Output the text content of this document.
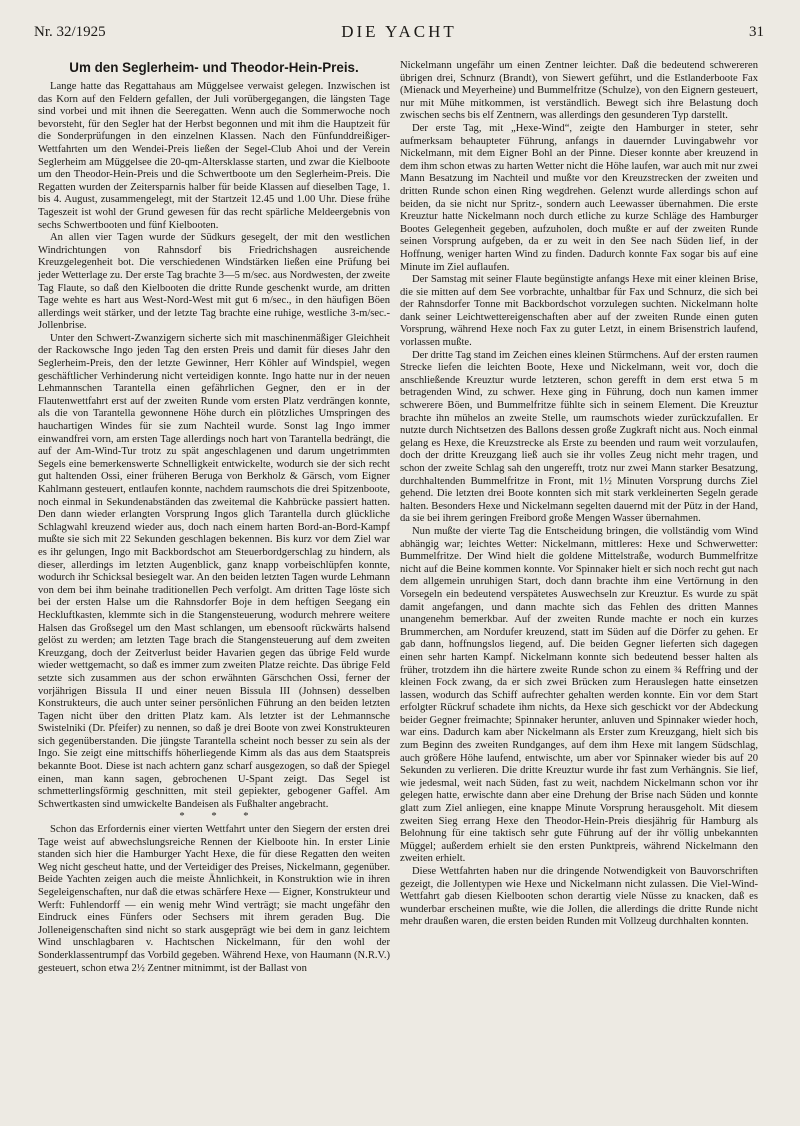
Nr. 32/1925	DIE YACHT	31
Um den Seglerheim- und Theodor-Hein-Preis.

Lange hatte das Regattahaus am Müggelsee verwaist gelegen. Inzwischen ist das Korn auf den Feldern gefallen, der Juli vorübergegangen, die längsten Tage sind vorbei und mit ihnen die Seeregatten. Wenn auch die Sommerwoche noch bevorsteht, für den Segler hat der Herbst begonnen und mit ihm die Hauptzeit für die Sonderprüfungen in den einzelnen Klassen. Nach den Fünfunddreißiger-Wettfahrten um den Wendei-Preis ließen der Segel-Club Ahoi und der Verein Seglerheim am Müggelsee die 20-qm-Altersklasse starten, und zwar die Kielboote um den Theodor-Hein-Preis und die Schwertboote um den Seglerheim-Preis. Die Regatten wurden der Zeitersparnis halber für beide Klassen auf dieselben Tage, 1. bis 4. August, zusammengelegt, mit der Startzeit 12.45 und 1.00 Uhr. Diese frühe Tageszeit ist wohl der Grund gewesen für das recht spärliche Meldeergebnis von sechs Schwertbooten und fünf Kielbooten.

An allen vier Tagen wurde der Südkurs gesegelt, der mit den westlichen Windrichtungen von Rahnsdorf bis Friedrichshagen ausreichende Kreuzgelegenheit bot. Die verschiedenen Windstärken ließen eine Prüfung bei jeder Wetterlage zu. Der erste Tag brachte 3—5 m/sec. aus Nordwesten, der zweite Tag Flaute, so daß den Kielbooten die dritte Runde geschenkt wurde, am dritten Tage wehte es hart aus West-Nord-West mit gut 6 m/sec., in den häufigen Böen allerdings weit stärker, und der letzte Tag brachte eine ruhige, westliche 3-m/sec.-Jollenbrise.

Unter den Schwert-Zwanzigern sicherte sich mit maschinenmäßiger Gleichheit der Rackowsche Ingo jeden Tag den ersten Preis und damit für dieses Jahr den Seglerheim-Preis, den der letzte Gewinner, Herr Köhler auf Windspiel, wegen geschäftlicher Verhinderung nicht verteidigen konnte. Ingo hatte nur in der neuen Lehmannschen Tarantella einen gefährlichen Gegner, den er in der Flautenwettfahrt erst auf der zweiten Runde vom ersten Platz verdrängen konnte, als die von Tarantella gewonnene Höhe durch ein plötzliches Umspringen des hauchartigen Windes für sie zum Nachteil wurde. Sonst lag Ingo immer einwandfrei vorn, am ersten Tage allerdings noch hart von Tarantella bedrängt, die auf der Am-Wind-Tur trotz zu spät angeschlagenen und darum ungetrimmten Segels eine bemerkenswerte Schnelligkeit entwickelte, wodurch sie der sich recht gut haltenden Ossi, einer früheren Beruga von Berkholz & Gärsch, vom Eigner Kahlmann gesteuert, entlaufen konnte, nachdem raumschots die drei Spitzenboote, noch einmal in Sekundenabständen das zweitemal die Kahbrücke passiert hatten. Den dann wieder erlangten Vorsprung Ingos glich Tarantella durch glückliche Schlagwahl kreuzend wieder aus, doch nach einem harten Bord-an-Bord-Kampf mußte sie sich mit 22 Sekunden geschlagen bekennen. Bis kurz vor dem Ziel war es ihr gelungen, Ingo mit Backbordschot am Steuerbordgerschlag zu hindern, als dieser, allerdings im letzten Augenblick, ganz knapp vorbeischlüpfen konnte, wodurch ihr Schicksal besiegelt war. An den beiden letzten Tagen wurde Lehmann von dem bei ihm beinahe traditionellen Pech verfolgt. Am dritten Tage löste sich bei der ersten Halse um die Rahnsdorfer Boje in dem heftigen Seegang ein Heckluftkasten, klemmte sich in die Stangensteuerung, wodurch mehrere weitere Halsen das Großsegel um den Mast schlangen, um ebensooft rückwärts halsend gelöst zu werden; am letzten Tage brach die Stangensteuerung auf dem zweiten Kreuzgang, doch der Zeitverlust beider Havarien gegen das übrige Feld wurde wieder wettgemacht, so daß es immer zum zweiten Platze reichte. Das übrige Feld setzte sich zusammen aus der schon erwähnten Gärschchen Ossi, ferner der vorjährigen Bissula II und einer neuen Bissula III (Johnsen) desselben Konstrukteurs, die auch unter seiner persönlichen Führung an den beiden letzten Tagen nicht über den dritten Platz kam. Als letzter ist der Lehmannsche Swistelniki (Dr. Pfeifer) zu nennen, so daß je drei Boote von zwei Konstrukteuren sich gegenüberstanden. Die jüngste Tarantella scheint noch besser zu sein als der Ingo. Sie zeigt eine mittschiffs höherliegende Kimm als das aus dem Staatspreis bekannte Boot. Diese ist nach achtern ganz scharf ausgezogen, so daß der Spiegel einen, man kann sagen, gebrochenen U-Spant zeigt. Das Segel ist schmetterlingsförmig geschnitten, mit steil gepiekter, gebogener Gaffel. Am Schwertkasten sind umwickelte Bandeisen als Fußhalter angebracht.

* * *

Schon das Erfordernis einer vierten Wettfahrt unter den Siegern der ersten drei Tage weist auf abwechslungsreiche Rennen der Kielboote hin. In erster Linie standen sich hier die Hamburger Yacht Hexe, die für diese Regatten den weiten Weg nicht gescheut hatte, und der Verteidiger des Preises, Nickelmann, gegenüber. Beide Yachten zeigen auch die meiste Ähnlichkeit, in Konstruktion wie in ihren Segeleigenschaften, nur daß die etwas schärfere Hexe — Eigner, Konstrukteur und Werft: Fuhlendorff — ein wenig mehr Wind verträgt; sie macht ungefähr den Eindruck eines Fünfers oder Sechsers mit ihrem geraden Bug. Die Jolleneigenschaften sind nicht so stark ausgeprägt wie bei dem in ganz leichtem Wind unschlagbaren v. Hachtschen Nickelmann, für den wohl der Sonderklassentrumpf das Vorbild gegeben. Während Hexe, von Haumann (N.R.V.) gesteuert, schon etwa 2½ Zentner mitnimmt, ist der Ballast von

Nickelmann ungefähr um einen Zentner leichter. Daß die bedeutend schwereren übrigen drei, Schnurz (Brandt), von Siewert geführt, und die Estlanderboote Fax (Mienack und Meyerheine) und Bummelfritze (Schulze), von den Eignern gesteuert, nur mit Mühe mitkommen, ist verständlich. Bewegt sich ihre Belastung doch zwischen sechs bis elf Zentnern, was allerdings den gesunderen Typ darstellt.

Der erste Tag, mit „Hexe-Wind“, zeigte den Hamburger in steter, sehr aufmerksam behaupteter Führung, anfangs in dauernder Luvingabwehr vor Nickelmann, mit dem Eigner Bohl an der Pinne. Dieser konnte aber kreuzend in dem ihm schon etwas zu harten Wetter nicht die Höhe laufen, war auch mit nur zwei Mann Besatzung im Nachteil und mußte vor den Kreuzstrecken der zweiten und dritten Runde schon einen Ring wegdrehen. Gelenzt wurde allerdings schon auf beiden, da sie nicht nur Spritz-, sondern auch Leewasser übernahmen. Die erste Kreuztur hatte Nickelmann noch durch etliche zu kurze Schläge des Hamburger Bootes Gelegenheit gegeben, aufzuholen, doch mußte er auf der zweiten Runde seinen Vorsprung aufgeben, da er zu weit in den See nach Süden lief, in der Hoffnung, weniger harten Wind zu finden. Dadurch konnte Fax sogar bis auf eine Minute im Ziel auflaufen.

Der Samstag mit seiner Flaute begünstigte anfangs Hexe mit einer kleinen Brise, die sie mitten auf dem See vorbrachte, unhaltbar für Fax und Schnurz, die sich bei der Rahnsdorfer Tonne mit Backbordschot vorzulegen suchten. Nickelmann holte dank seiner Leichtwettereigenschaften aber auf der zweiten Runde einen guten Vorsprung, während Hexe noch Fax zu guter Letzt, in einem Brisenstrich laufend, vorlassen mußte.

Der dritte Tag stand im Zeichen eines kleinen Stürmchens. Auf der ersten raumen Strecke liefen die leichten Boote, Hexe und Nickelmann, weit vor, doch die anschließende Kreuztur wurde letzteren, schon gerefft in dem erst etwa 5 m betragenden Wind, zu schwer. Hexe ging in Führung, doch nun kamen immer schwerere Böen, und Bummelfritze fühlte sich in seinem Element. Die Kreuztur brachte ihn mühelos an zweite Stelle, um raumschots wieder zurückzufallen. Er nutzte durch Nichtsetzen des Ballons dessen große Zugkraft nicht aus. Noch einmal gelang es Hexe, die Kreuzstrecke als Erste zu beenden und raum weit vorzulaufen, doch der dritte Kreuzgang ließ auch sie ihr volles Zeug nicht mehr tragen, und schon der zweite Schlag sah den ungerefft, trotz nur zwei Mann starker Besatzung, durchhaltenden Bummelfritze in Front, mit 1½ Minuten Vorsprung durchs Ziel gehend. Die letzten drei Boote konnten sich mit stark verkleinerten Segeln gerade halten. Besonders Hexe und Nickelmann segelten dauernd mit der Pütz in der Hand, da sie bei ihrem geringen Freibord große Mengen Wasser übernahmen.

Nun mußte der vierte Tag die Entscheidung bringen, die vollständig vom Wind abhängig war; leichtes Wetter: Nickelmann, mittleres: Hexe und Schwerwetter: Bummelfritze. Der Wind hielt die goldene Mittelstraße, wodurch Bummelfritze nicht auf die Beine kommen konnte. Vor Spinnaker hielt er sich noch recht gut nach dem allgemein unruhigen Start, doch dann brachte ihm eine Vertörnung in den Vorsegeln ein bedeutend verspätetes Auswechseln zur Kreuztur. Es wurde zu spät damit angefangen, und dann machte sich das Fehlen des dritten Mannes unangenehm bemerkbar. Auf der zweiten Runde machte er noch ein kurzes Brummerchen, am Nordufer kreuzend, statt im Süden auf die Dörfer zu gehen. Er gab dann, hoffnungslos liegend, auf. Die beiden Gegner lieferten sich dagegen einen sehr harten Kampf. Nickelmann konnte sich bedeutend besser halten als früher, trotzdem ihn die härtere zweite Runde schon zu einem ¾ Reffring und der kleinen Fock zwang, da er sich zwei Brücken zum Herauslegen hatte einsetzen lassen, wodurch das Schiff aufrechter gehalten werden konnte. Ein vor dem Start erfolgter Rückruf schadete ihm nichts, da Hexe sich geschickt vor der Abdeckung beider Gegner freimachte; Spinnaker herunter, anluven und Spinnaker wieder hoch, war eins. Dadurch kam aber Nickelmann als Erster zum Kreuzgang, hielt sich bis zum Beginn des zweiten Rundganges, auf dem ihm Hexe mit langem Südschlag, auch größere Höhe laufend, entwischte, um aber vor Spinnaker wieder bis auf 20 Sekunden zu verlieren. Die dritte Kreuztur wurde ihr fast zum Verhängnis. Sie lief, wie jedesmal, weit nach Süden, fast zu weit, nachdem Nickelmann schon vor ihr gelegen hatte, erwischte dann aber eine Drehung der Brise nach Süden und konnte glatt zum Ziel anliegen, eine knappe Minute Vorsprung herausgeholt. Mit diesem zweiten Sieg errang Hexe den Theodor-Hein-Preis diesjährig für Hamburg als Belohnung für eine taktisch sehr gute Führung auf der ihr völlig unbekannten Müggel; außerdem erhielt sie den ersten Punktpreis, während Nickelmann den zweiten erhielt.

Diese Wettfahrten haben nur die dringende Notwendigkeit von Bauvorschriften gezeigt, die Jollentypen wie Hexe und Nickelmann nicht zulassen. Die Viel-Wind-Wettfahrt gab diesen Kielbooten schon derartig viele Nüsse zu knacken, daß es wunderbar erscheinen mußte, wie die Jollen, die allerdings die dritte Runde nicht mehr draußen waren, die ersten beiden Runden mit Vollzeug durchhalten konnten.
